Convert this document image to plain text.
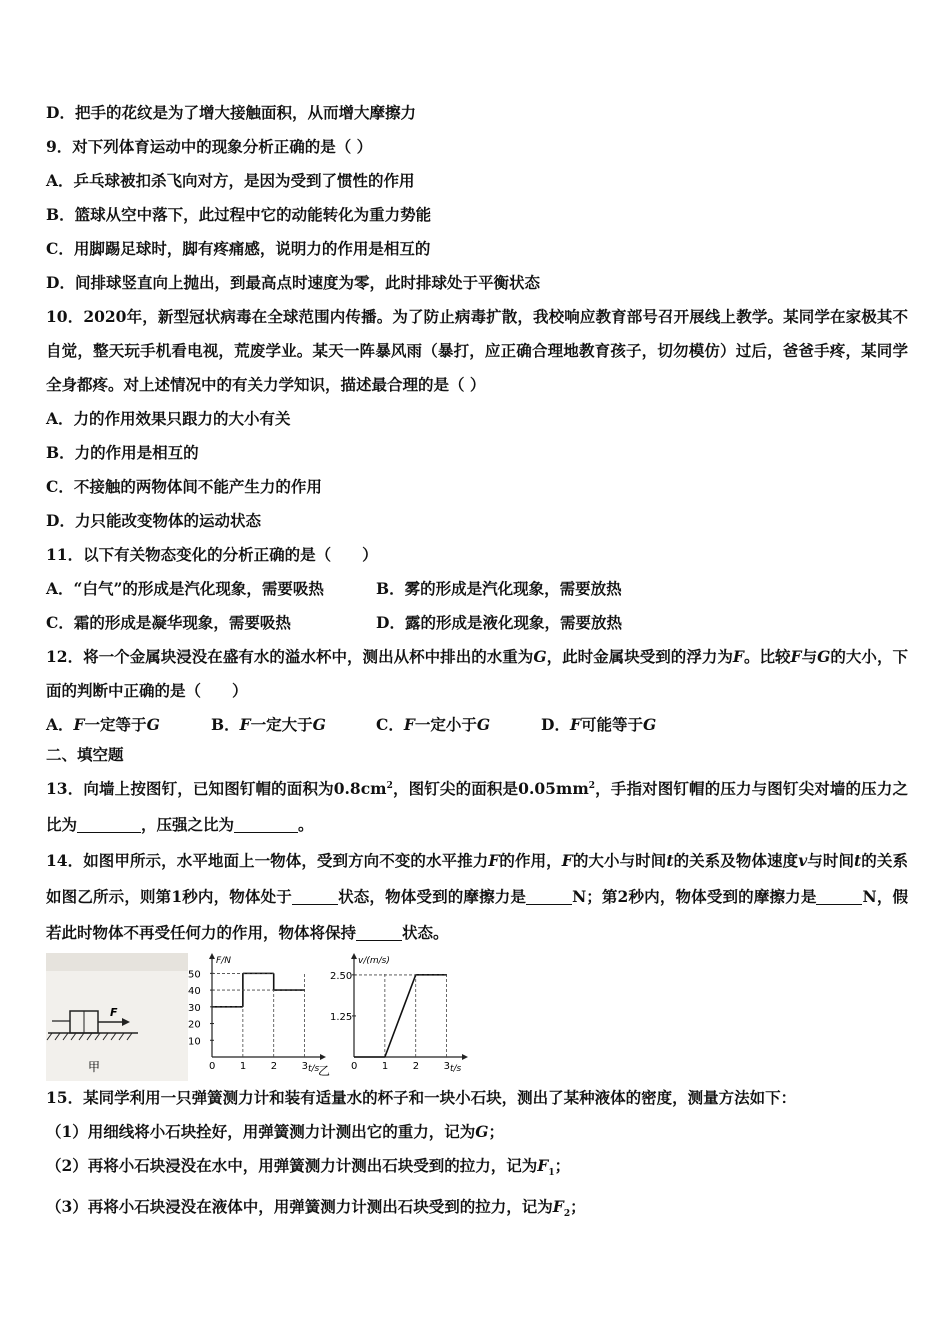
D．把手的花纹是为了增大接触面积，从而增大摩擦力
9．对下列体育运动中的现象分析正确的是（ ）
A．乒乓球被扣杀飞向对方，是因为受到了惯性的作用
B．篮球从空中落下，此过程中它的动能转化为重力势能
C．用脚踢足球时，脚有疼痛感，说明力的作用是相互的
D．间排球竖直向上抛出，到最高点时速度为零，此时排球处于平衡状态
10．2020年，新型冠状病毒在全球范围内传播。为了防止病毒扩散，我校响应教育部号召开展线上教学。某同学在家极其不自觉，整天玩手机看电视，荒废学业。某天一阵暴风雨（暴打，应正确合理地教育孩子，切勿模仿）过后，爸爸手疼，某同学全身都疼。对上述情况中的有关力学知识，描述最合理的是（ ）
A．力的作用效果只跟力的大小有关
B．力的作用是相互的
C．不接触的两物体间不能产生力的作用
D．力只能改变物体的运动状态
11．以下有关物态变化的分析正确的是（　　）
A．“白气”的形成是汽化现象，需要吸热	B．雾的形成是汽化现象，需要放热
C．霜的形成是凝华现象，需要吸热	D．露的形成是液化现象，需要放热
12．将一个金属块浸没在盛有水的溢水杯中，测出从杯中排出的水重为G，此时金属块受到的浮力为F。比较F与G的大小，下面的判断中正确的是（　　）
A．F一定等于G	B．F一定大于G	C．F一定小于G	D．F可能等于G
二、填空题
13．向墙上按图钉，已知图钉帽的面积为$0.8cm^2$，图钉尖的面积是$0.05mm^2$，手指对图钉帽的压力与图钉尖对墙的压力之比为	，压强之比为	。
14．如图甲所示，水平地面上一物体，受到方向不变的水平推力F的作用，F的大小与时间t的关系及物体速度v与时间t的关系如图乙所示，则第1秒内，物体处于	状态，物体受到的摩擦力是	N；第2秒内，物体受到的摩擦力是	N，假若此时物体不再受任何力的作用，物体将保持	状态。
F
甲
F/N
t/s
0 1 2 3
10
20
30
40
50
乙
v/(m/s)
t/s
0 1 2 3
1.25
2.50
15．某同学利用一只弹簧测力计和装有适量水的杯子和一块小石块，测出了某种液体的密度，测量方法如下：
（1）用细线将小石块拴好，用弹簧测力计测出它的重力，记为G；
（2）再将小石块浸没在水中，用弹簧测力计测出石块受到的拉力，记为$F_1$；
（3）再将小石块浸没在液体中，用弹簧测力计测出石块受到的拉力，记为$F_2$；
